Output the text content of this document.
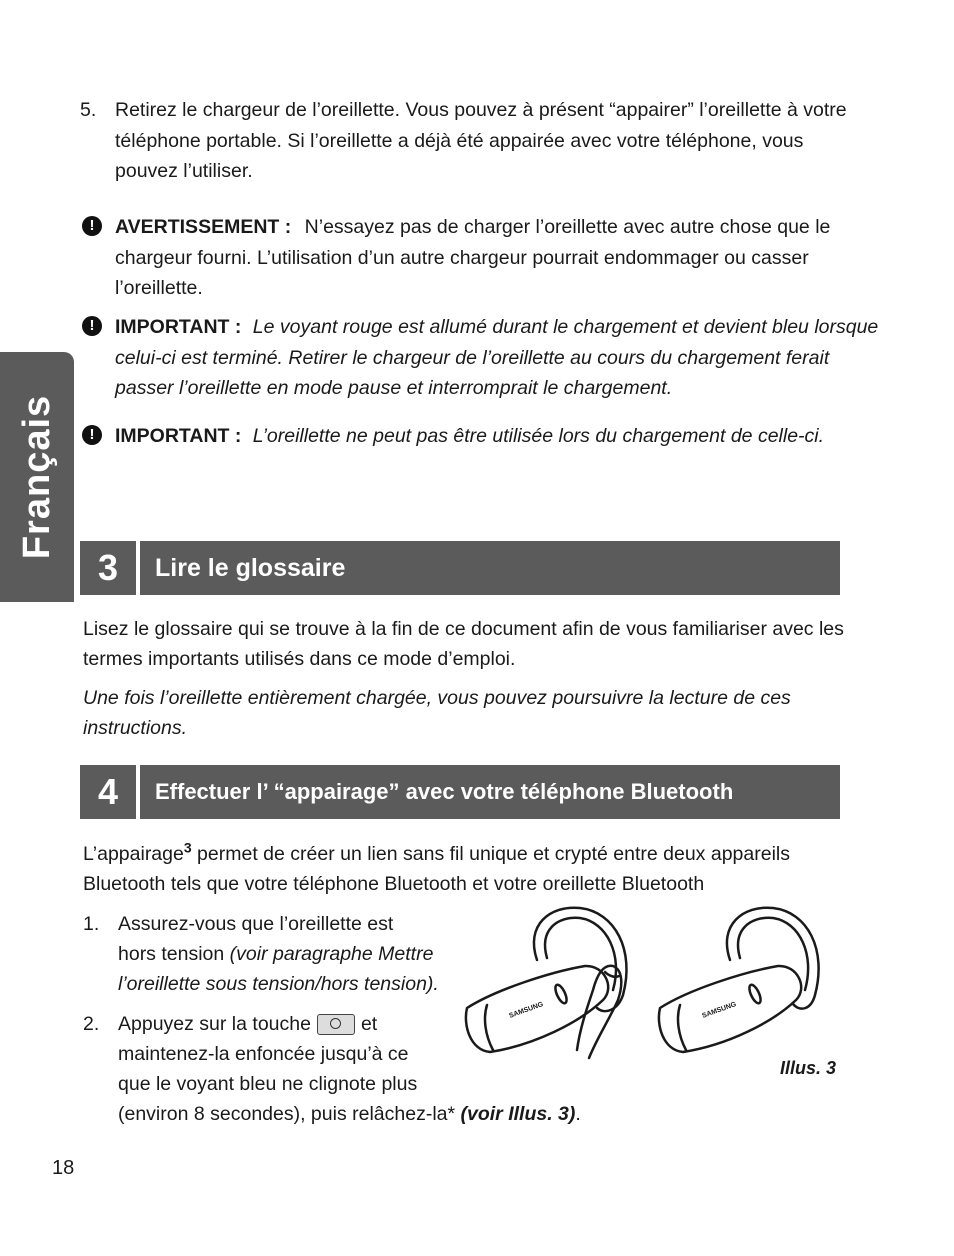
Français
5. Retirez le chargeur de l’oreillette. Vous pouvez à présent “appairer” l’oreillette à votre
téléphone portable. Si l’oreillette a déjà été appairée avec votre téléphone, vous
pouvez l’utiliser.
!	AVERTISSEMENT : N’essayez pas de charger l’oreillette avec autre chose que le
chargeur fourni. L’utilisation d’un autre chargeur pourrait endommager ou casser
l’oreillette.
!	IMPORTANT : Le voyant rouge est allumé durant le chargement et devient bleu lorsque
celui-ci est terminé. Retirer le chargeur de l’oreillette au cours du chargement ferait
passer l’oreillette en mode pause et interromprait le chargement.
!	IMPORTANT : L’oreillette ne peut pas être utilisée lors du chargement de celle-ci.
3	Lire le glossaire
Lisez le glossaire qui se trouve à la fin de ce document afin de vous familiariser avec les
termes importants utilisés dans ce mode d’emploi.
Une fois l’oreillette entièrement chargée, vous pouvez poursuivre la lecture de ces
instructions.
4	Effectuer l’ “appairage” avec votre téléphone Bluetooth
L’appairage$^3$ permet de créer un lien sans fil unique et crypté entre deux appareils
Bluetooth tels que votre téléphone Bluetooth et votre oreillette Bluetooth
1. Assurez-vous que l’oreillette est
hors tension (voir paragraphe Mettre
l’oreillette sous tension/hors tension).
2. Appuyez sur la touche	et
maintenez-la enfoncée jusqu’à ce
que le voyant bleu ne clignote plus
(environ 8 secondes), puis relâchez-la* (voir Illus. 3).
SAMSUNG	SAMSUNG
Illus. 3
18
